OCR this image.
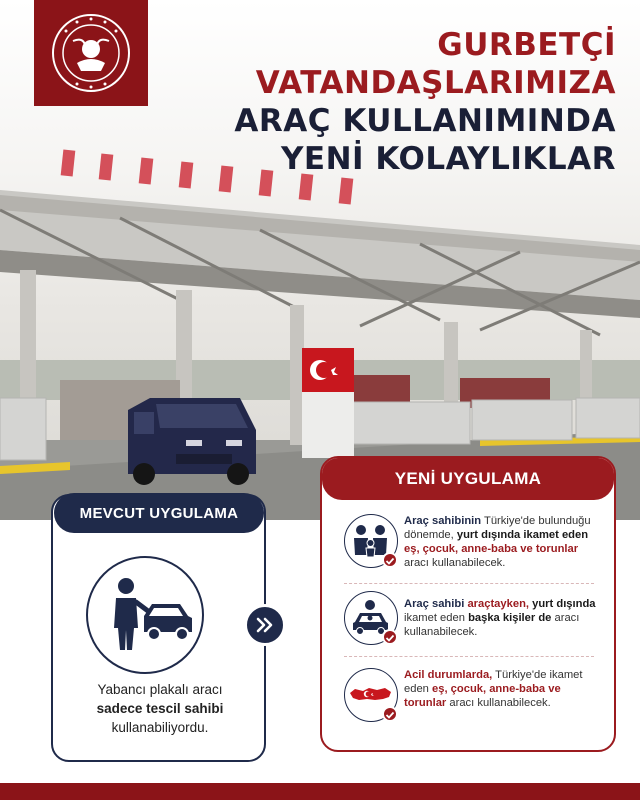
GURBETÇİ
VATANDAŞLARIMIZA
ARAÇ KULLANIMINDA
YENİ KOLAYLIKLAR
MEVCUT UYGULAMA
Yabancı plakalı aracı
sadece tescil sahibi
kullanabiliyordu.
YENİ UYGULAMA
Araç sahibinin Türkiye'de bulunduğu dönemde, yurt dışında ikamet eden eş, çocuk, anne-baba ve torunlar aracı kullanabilecek.
Araç sahibi araçtayken, yurt dışında ikamet eden başka kişiler de aracı kullanabilecek.
Acil durumlarda, Türkiye'de ikamet eden eş, çocuk, anne-baba ve torunlar aracı kullanabilecek.
